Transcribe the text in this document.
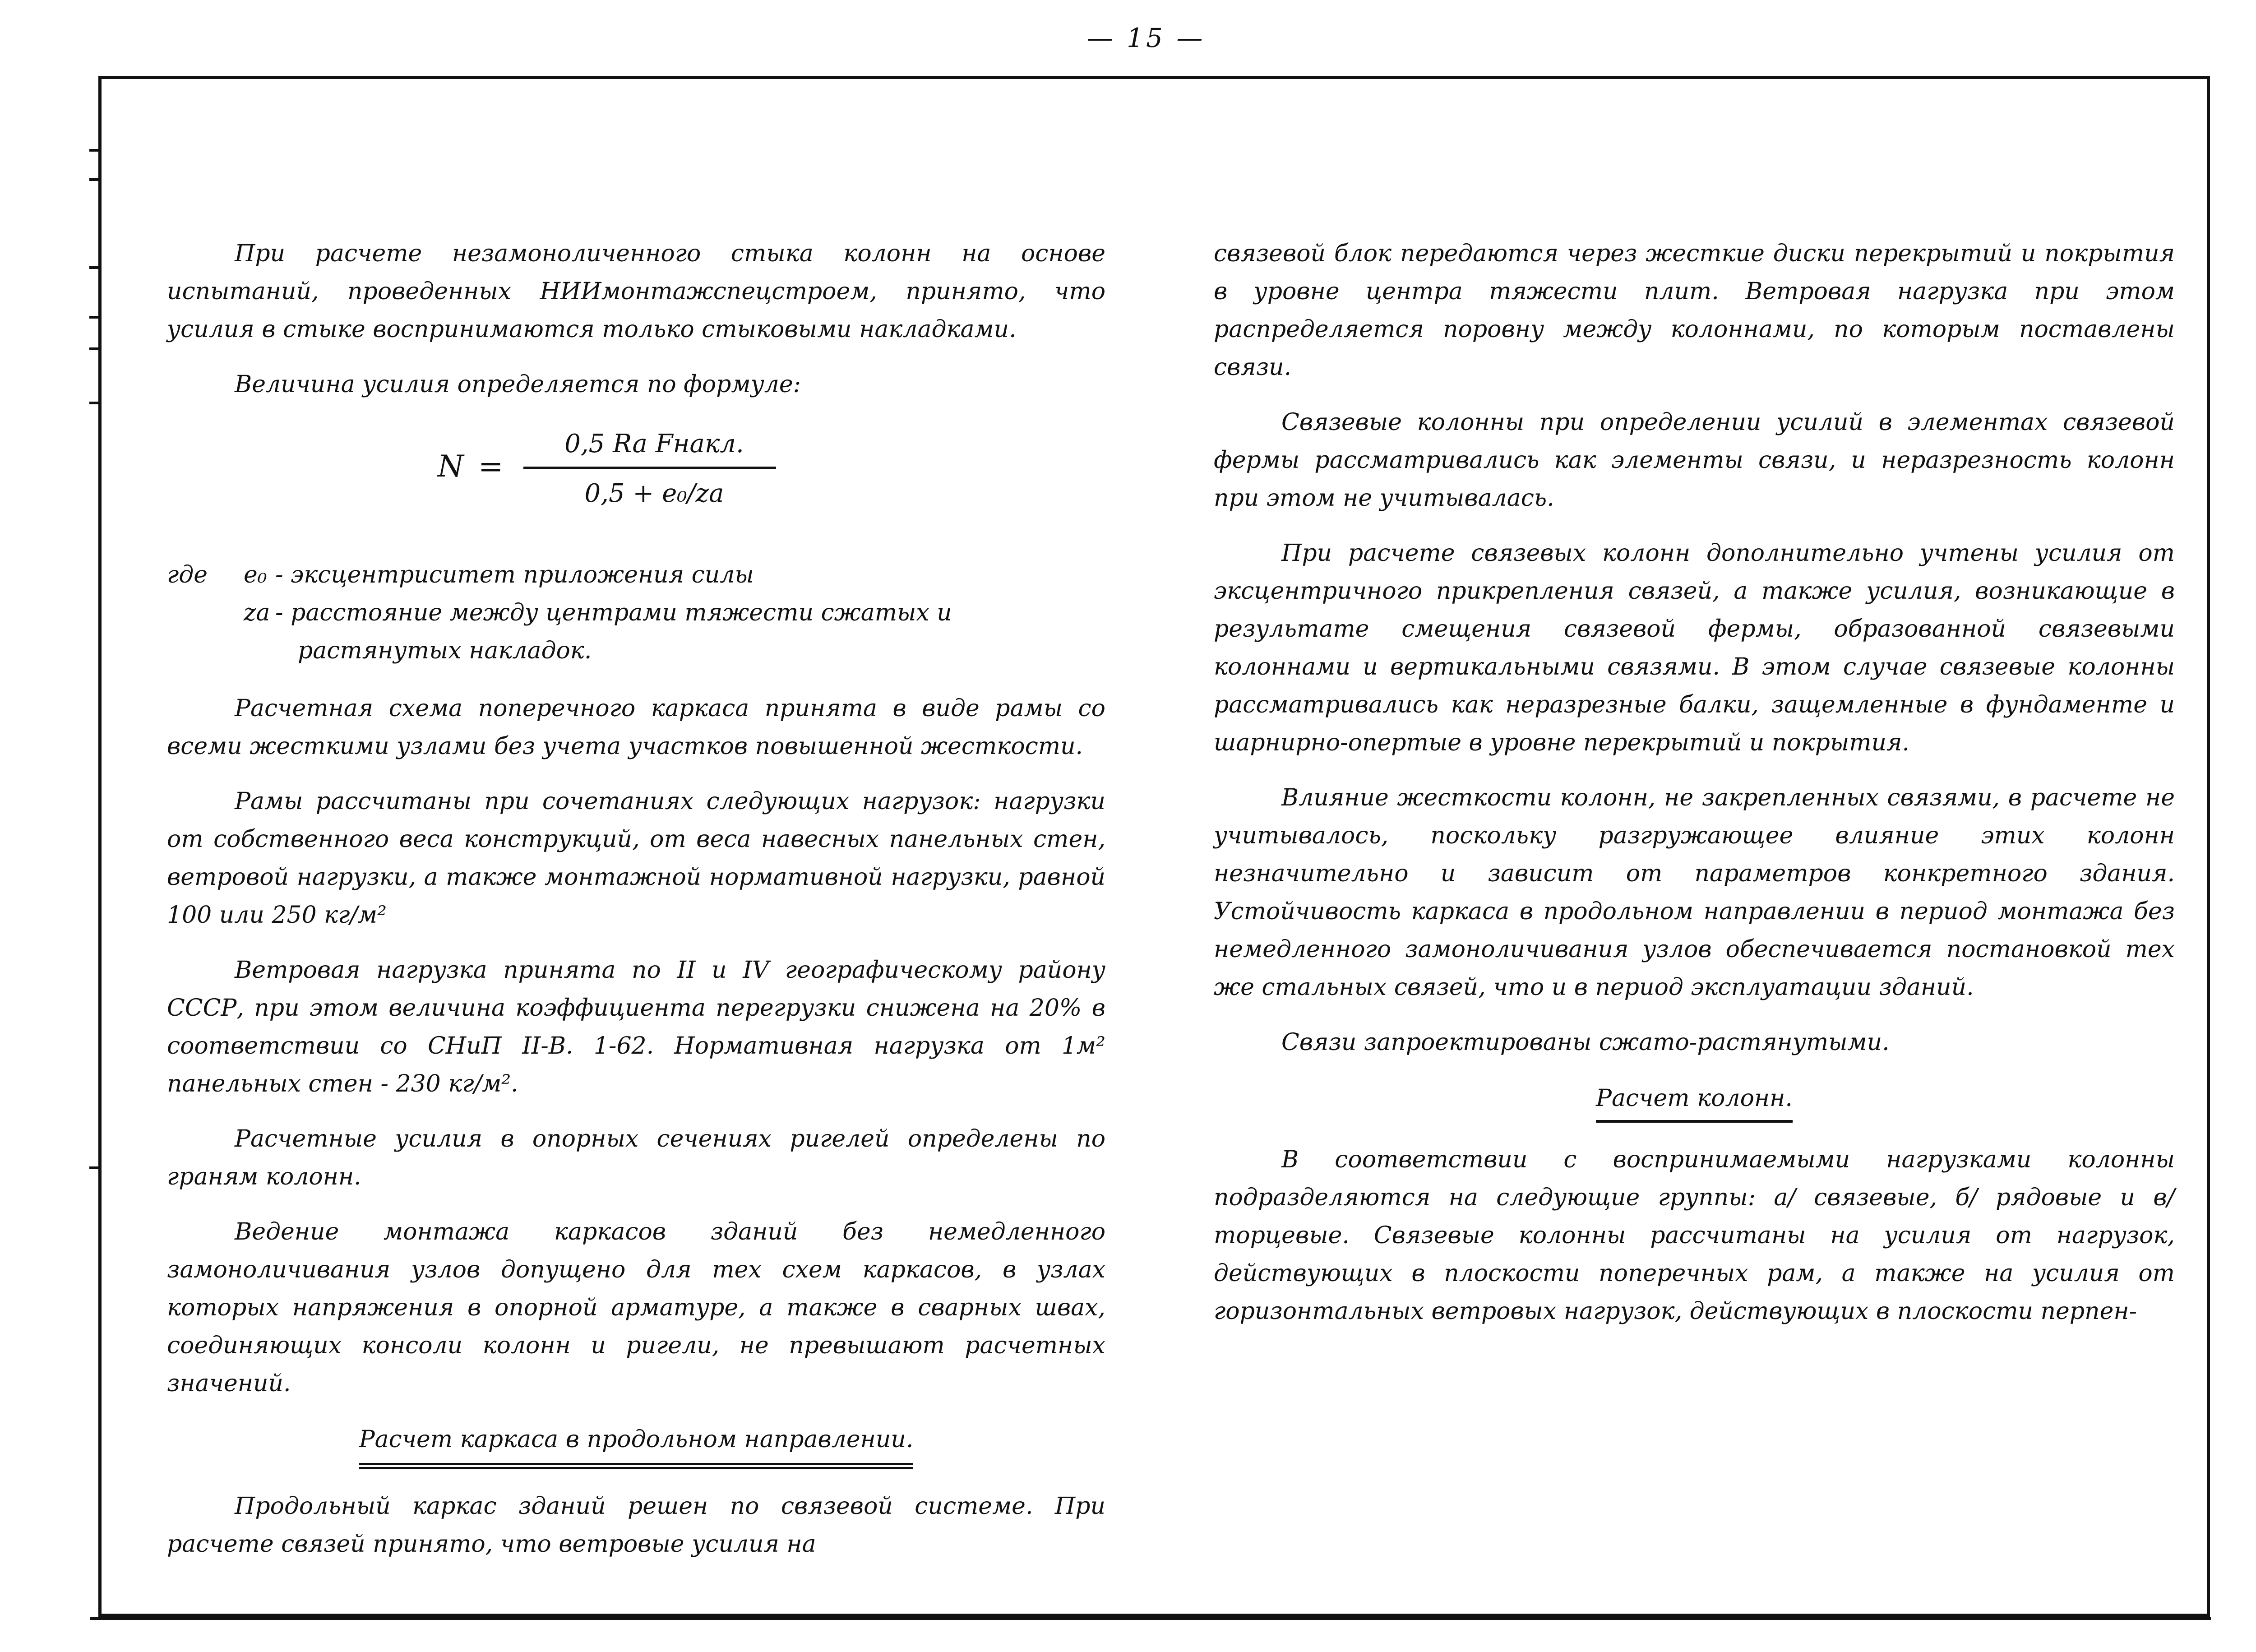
— 15 —

При расчете незамоноличенного стыка колонн на основе испытаний, проведенных НИИмонтажспецстроем, принято, что усилия в стыке воспринимаются только стыковыми накладками.

Величина усилия определяется по формуле:

N =
0,5 Ra Fнакл.
0,5 + e₀/za
где	e₀ - эксцентриситет приложения силы
za - расстояние между центрами тяжести сжатых и
растянутых накладок.

Расчетная схема поперечного каркаса принята в виде рамы со всеми жесткими узлами без учета участков повышенной жесткости.

Рамы рассчитаны при сочетаниях следующих нагрузок: нагрузки от собственного веса конструкций, от веса навесных панельных стен, ветровой нагрузки, а также монтажной нормативной нагрузки, равной 100 или 250 кг/м²

Ветровая нагрузка принята по II и IV географическому району СССР, при этом величина коэффициента перегрузки снижена на 20% в соответствии со СНиП II-В. 1-62. Нормативная нагрузка от 1м² панельных стен - 230 кг/м².

Расчетные усилия в опорных сечениях ригелей определены по граням колонн.

Ведение монтажа каркасов зданий без немедленного замоноличивания узлов допущено для тех схем каркасов, в узлах которых напряжения в опорной арматуре, а также в сварных швах, соединяющих консоли колонн и ригели, не превышают расчетных значений.

Расчет каркаса в продольном направлении.

Продольный каркас зданий решен по связевой системе. При расчете связей принято, что ветровые усилия на

связевой блок передаются через жесткие диски перекрытий и покрытия в уровне центра тяжести плит. Ветровая нагрузка при этом распределяется поровну между колоннами, по которым поставлены связи.

Связевые колонны при определении усилий в элементах связевой фермы рассматривались как элементы связи, и неразрезность колонн при этом не учитывалась.

При расчете связевых колонн дополнительно учтены усилия от эксцентричного прикрепления связей, а также усилия, возникающие в результате смещения связевой фермы, образованной связевыми колоннами и вертикальными связями. В этом случае связевые колонны рассматривались как неразрезные балки, защемленные в фундаменте и шарнирно-опертые в уровне перекрытий и покрытия.

Влияние жесткости колонн, не закрепленных связями, в расчете не учитывалось, поскольку разгружающее влияние этих колонн незначительно и зависит от параметров конкретного здания. Устойчивость каркаса в продольном направлении в период монтажа без немедленного замоноличивания узлов обеспечивается постановкой тех же стальных связей, что и в период эксплуатации зданий.

Связи запроектированы сжато-растянутыми.

Расчет колонн.

В соответствии с воспринимаемыми нагрузками колонны подразделяются на следующие группы: а/ связевые, б/ рядовые и в/ торцевые. Связевые колонны рассчитаны на усилия от нагрузок, действующих в плоскости поперечных рам, а также на усилия от горизонтальных ветровых нагрузок, действующих в плоскости перпен-
